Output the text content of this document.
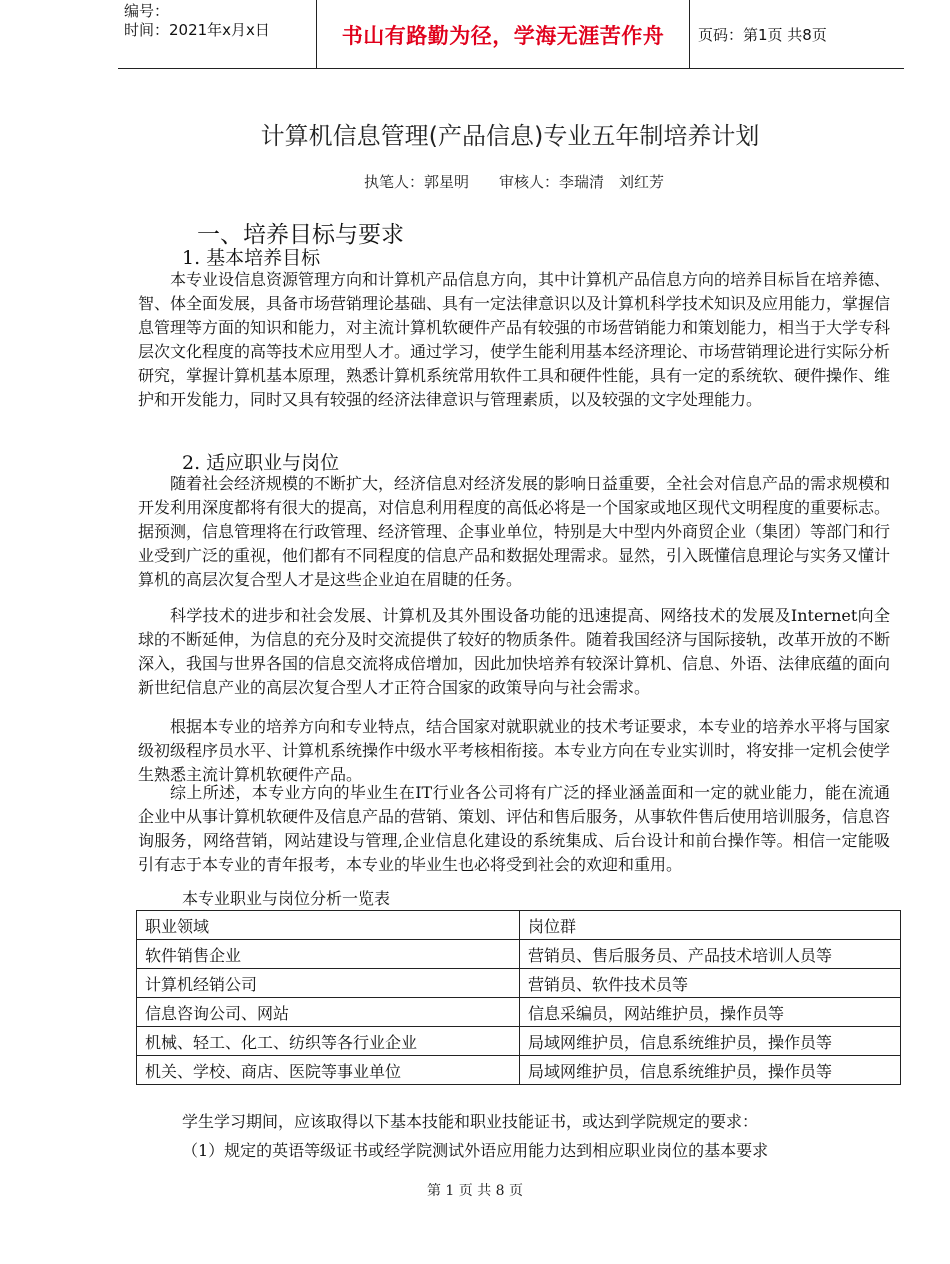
编号：
时间：2021年x月x日	书山有路勤为径，学海无涯苦作舟	页码：第1页 共8页
计算机信息管理(产品信息)专业五年制培养计划
执笔人：郭星明　　审核人：李瑞清　刘红芳
一、培养目标与要求
1. 基本培养目标
本专业设信息资源管理方向和计算机产品信息方向，其中计算机产品信息方向的培养目标旨在培养德、智、体全面发展，具备市场营销理论基础、具有一定法律意识以及计算机科学技术知识及应用能力，掌握信息管理等方面的知识和能力，对主流计算机软硬件产品有较强的市场营销能力和策划能力，相当于大学专科层次文化程度的高等技术应用型人才。通过学习，使学生能利用基本经济理论、市场营销理论进行实际分析研究，掌握计算机基本原理，熟悉计算机系统常用软件工具和硬件性能，具有一定的系统软、硬件操作、维护和开发能力，同时又具有较强的经济法律意识与管理素质，以及较强的文字处理能力。
2. 适应职业与岗位
随着社会经济规模的不断扩大，经济信息对经济发展的影响日益重要，全社会对信息产品的需求规模和开发利用深度都将有很大的提高，对信息利用程度的高低必将是一个国家或地区现代文明程度的重要标志。据预测，信息管理将在行政管理、经济管理、企事业单位，特别是大中型内外商贸企业（集团）等部门和行业受到广泛的重视，他们都有不同程度的信息产品和数据处理需求。显然，引入既懂信息理论与实务又懂计算机的高层次复合型人才是这些企业迫在眉睫的任务。
科学技术的进步和社会发展、计算机及其外围设备功能的迅速提高、网络技术的发展及Internet向全球的不断延伸，为信息的充分及时交流提供了较好的物质条件。随着我国经济与国际接轨，改革开放的不断深入，我国与世界各国的信息交流将成倍增加，因此加快培养有较深计算机、信息、外语、法律底蕴的面向新世纪信息产业的高层次复合型人才正符合国家的政策导向与社会需求。
根据本专业的培养方向和专业特点，结合国家对就职就业的技术考证要求，本专业的培养水平将与国家级初级程序员水平、计算机系统操作中级水平考核相衔接。本专业方向在专业实训时，将安排一定机会使学生熟悉主流计算机软硬件产品。
综上所述，本专业方向的毕业生在IT行业各公司将有广泛的择业涵盖面和一定的就业能力，能在流通企业中从事计算机软硬件及信息产品的营销、策划、评估和售后服务，从事软件售后使用培训服务，信息咨询服务，网络营销，网站建设与管理,企业信息化建设的系统集成、后台设计和前台操作等。相信一定能吸引有志于本专业的青年报考，本专业的毕业生也必将受到社会的欢迎和重用。
本专业职业与岗位分析一览表
职业领域	岗位群
软件销售企业	营销员、售后服务员、产品技术培训人员等
计算机经销公司	营销员、软件技术员等
信息咨询公司、网站	信息采编员，网站维护员，操作员等
机械、轻工、化工、纺织等各行业企业	局域网维护员，信息系统维护员，操作员等
机关、学校、商店、医院等事业单位	局域网维护员，信息系统维护员，操作员等
学生学习期间，应该取得以下基本技能和职业技能证书，或达到学院规定的要求：
（1）规定的英语等级证书或经学院测试外语应用能力达到相应职业岗位的基本要求
第 1 页 共 8 页
